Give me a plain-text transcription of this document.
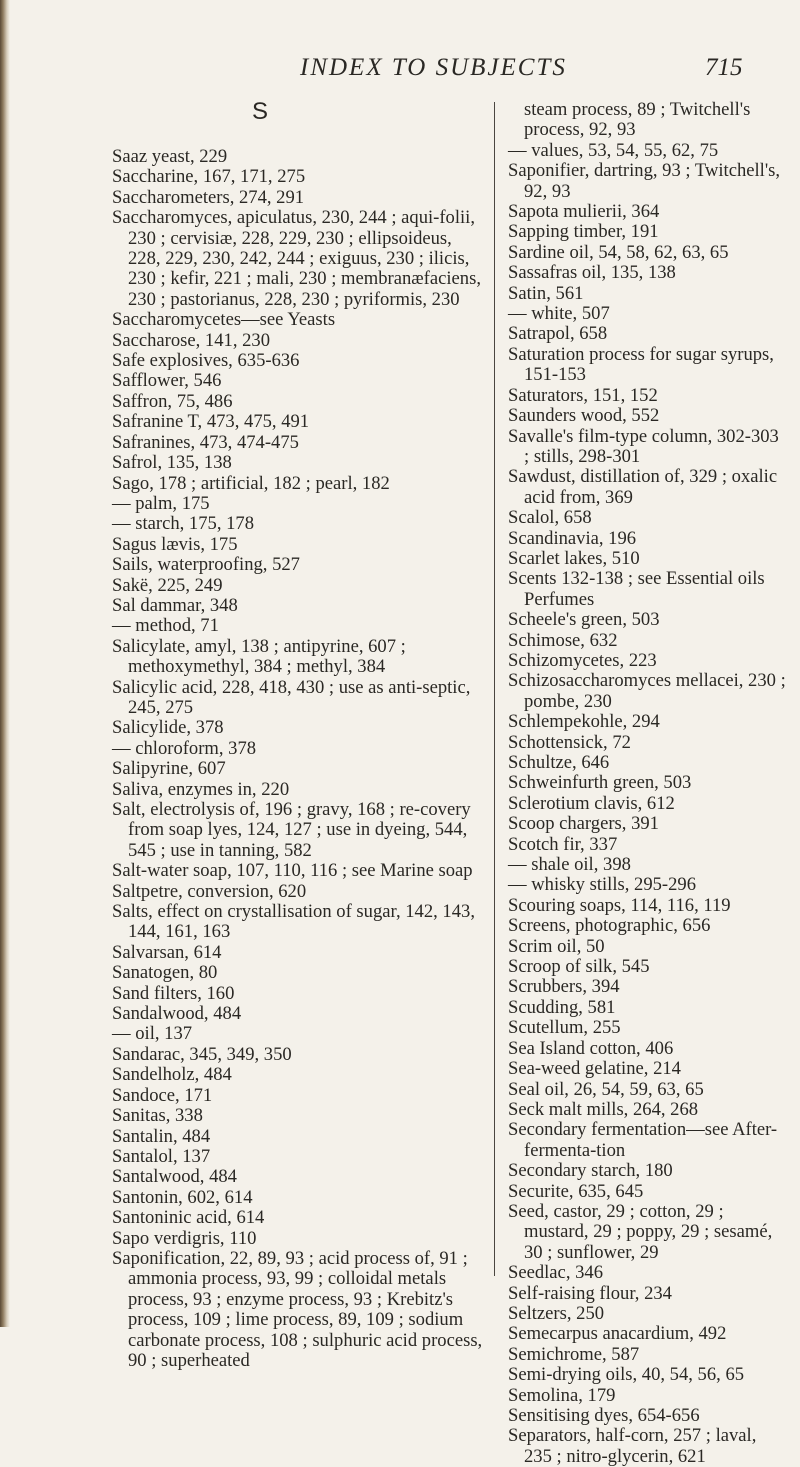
INDEX TO SUBJECTS	715
S

Saaz yeast, 229

Saccharine, 167, 171, 275

Saccharometers, 274, 291

Saccharomyces, apiculatus, 230, 244 ; aqui-folii, 230 ; cervisiæ, 228, 229, 230 ; ellipsoideus, 228, 229, 230, 242, 244 ; exiguus, 230 ; ilicis, 230 ; kefir, 221 ; mali, 230 ; membranæfaciens, 230 ; pastorianus, 228, 230 ; pyriformis, 230

Saccharomycetes—see Yeasts

Saccharose, 141, 230

Safe explosives, 635-636

Safflower, 546

Saffron, 75, 486

Safranine T, 473, 475, 491

Safranines, 473, 474-475

Safrol, 135, 138

Sago, 178 ; artificial, 182 ; pearl, 182

— palm, 175

— starch, 175, 178

Sagus lævis, 175

Sails, waterproofing, 527

Sakë, 225, 249

Sal dammar, 348

— method, 71

Salicylate, amyl, 138 ; antipyrine, 607 ; methoxymethyl, 384 ; methyl, 384

Salicylic acid, 228, 418, 430 ; use as anti-septic, 245, 275

Salicylide, 378

— chloroform, 378

Salipyrine, 607

Saliva, enzymes in, 220

Salt, electrolysis of, 196 ; gravy, 168 ; re-covery from soap lyes, 124, 127 ; use in dyeing, 544, 545 ; use in tanning, 582

Salt-water soap, 107, 110, 116 ; see Marine soap

Saltpetre, conversion, 620

Salts, effect on crystallisation of sugar, 142, 143, 144, 161, 163

Salvarsan, 614

Sanatogen, 80

Sand filters, 160

Sandalwood, 484

— oil, 137

Sandarac, 345, 349, 350

Sandelholz, 484

Sandoce, 171

Sanitas, 338

Santalin, 484

Santalol, 137

Santalwood, 484

Santonin, 602, 614

Santoninic acid, 614

Sapo verdigris, 110

Saponification, 22, 89, 93 ; acid process of, 91 ; ammonia process, 93, 99 ; colloidal metals process, 93 ; enzyme process, 93 ; Krebitz's process, 109 ; lime process, 89, 109 ; sodium carbonate process, 108 ; sulphuric acid process, 90 ; superheated

steam process, 89 ; Twitchell's process, 92, 93

— values, 53, 54, 55, 62, 75

Saponifier, dartring, 93 ; Twitchell's, 92, 93

Sapota mulierii, 364

Sapping timber, 191

Sardine oil, 54, 58, 62, 63, 65

Sassafras oil, 135, 138

Satin, 561

— white, 507

Satrapol, 658

Saturation process for sugar syrups, 151-153

Saturators, 151, 152

Saunders wood, 552

Savalle's film-type column, 302-303 ; stills, 298-301

Sawdust, distillation of, 329 ; oxalic acid from, 369

Scalol, 658

Scandinavia, 196

Scarlet lakes, 510

Scents 132-138 ; see Essential oils Perfumes

Scheele's green, 503

Schimose, 632

Schizomycetes, 223

Schizosaccharomyces mellacei, 230 ; pombe, 230

Schlempekohle, 294

Schottensick, 72

Schultze, 646

Schweinfurth green, 503

Sclerotium clavis, 612

Scoop chargers, 391

Scotch fir, 337

— shale oil, 398

— whisky stills, 295-296

Scouring soaps, 114, 116, 119

Screens, photographic, 656

Scrim oil, 50

Scroop of silk, 545

Scrubbers, 394

Scudding, 581

Scutellum, 255

Sea Island cotton, 406

Sea-weed gelatine, 214

Seal oil, 26, 54, 59, 63, 65

Seck malt mills, 264, 268

Secondary fermentation—see After-fermenta-tion

Secondary starch, 180

Securite, 635, 645

Seed, castor, 29 ; cotton, 29 ; mustard, 29 ; poppy, 29 ; sesamé, 30 ; sunflower, 29

Seedlac, 346

Self-raising flour, 234

Seltzers, 250

Semecarpus anacardium, 492

Semichrome, 587

Semi-drying oils, 40, 54, 56, 65

Semolina, 179

Sensitising dyes, 654-656

Separators, half-corn, 257 ; laval, 235 ; nitro-glycerin, 621
